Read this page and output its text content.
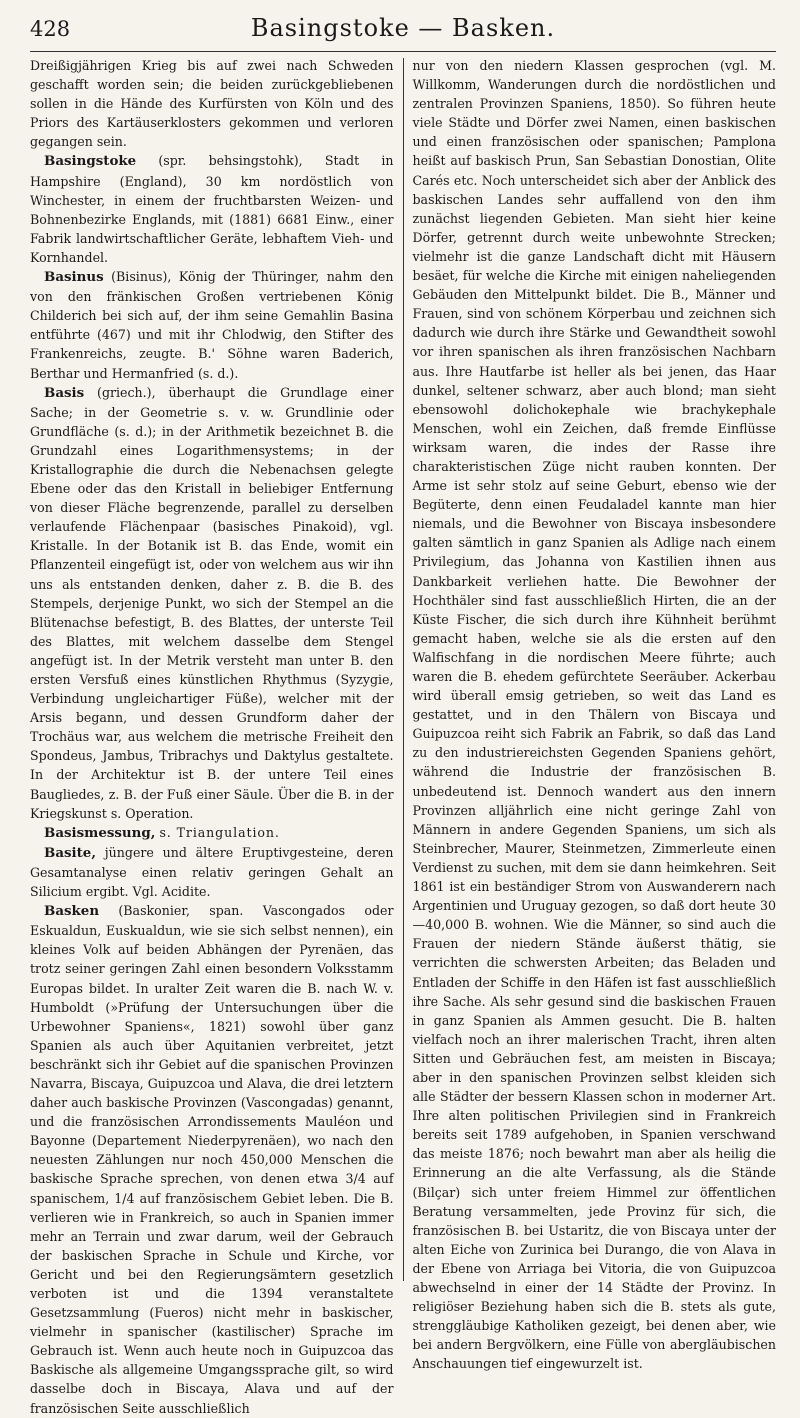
428	Basingstoke — Basken.

Dreißigjährigen Krieg bis auf zwei nach Schweden geschafft worden sein; die beiden zurückgebliebenen sollen in die Hände des Kurfürsten von Köln und des Priors des Kartäuserklosters gekommen und verloren gegangen sein.

Basingstoke (spr. behsingstohk), Stadt in Hampshire (England), 30 km nordöstlich von Winchester, in einem der fruchtbarsten Weizen- und Bohnenbezirke Englands, mit (1881) 6681 Einw., einer Fabrik landwirtschaftlicher Geräte, lebhaftem Vieh- und Kornhandel.

Basinus (Bisinus), König der Thüringer, nahm den von den fränkischen Großen vertriebenen König Childerich bei sich auf, der ihm seine Gemahlin Basina entführte (467) und mit ihr Chlodwig, den Stifter des Frankenreichs, zeugte. B.' Söhne waren Baderich, Berthar und Hermanfried (s. d.).

Basis (griech.), überhaupt die Grundlage einer Sache; in der Geometrie s. v. w. Grundlinie oder Grundfläche (s. d.); in der Arithmetik bezeichnet B. die Grundzahl eines Logarithmensystems; in der Kristallographie die durch die Nebenachsen gelegte Ebene oder das den Kristall in beliebiger Entfernung von dieser Fläche begrenzende, parallel zu derselben verlaufende Flächenpaar (basisches Pinakoid), vgl. Kristalle. In der Botanik ist B. das Ende, womit ein Pflanzenteil eingefügt ist, oder von welchem aus wir ihn uns als entstanden denken, daher z. B. die B. des Stempels, derjenige Punkt, wo sich der Stempel an die Blütenachse befestigt, B. des Blattes, der unterste Teil des Blattes, mit welchem dasselbe dem Stengel angefügt ist. In der Metrik versteht man unter B. den ersten Versfuß eines künstlichen Rhythmus (Syzygie, Verbindung ungleichartiger Füße), welcher mit der Arsis begann, und dessen Grundform daher der Trochäus war, aus welchem die metrische Freiheit den Spondeus, Jambus, Tribrachys und Daktylus gestaltete. In der Architektur ist B. der untere Teil eines Baugliedes, z. B. der Fuß einer Säule. Über die B. in der Kriegskunst s. Operation.

Basismessung, s. Triangulation.

Basite, jüngere und ältere Eruptivgesteine, deren Gesamtanalyse einen relativ geringen Gehalt an Silicium ergibt. Vgl. Acidite.

Basken (Baskonier, span. Vascongados oder Eskualdun, Euskualdun, wie sie sich selbst nennen), ein kleines Volk auf beiden Abhängen der Pyrenäen, das trotz seiner geringen Zahl einen besondern Volksstamm Europas bildet. In uralter Zeit waren die B. nach W. v. Humboldt (»Prüfung der Untersuchungen über die Urbewohner Spaniens«, 1821) sowohl über ganz Spanien als auch über Aquitanien verbreitet, jetzt beschränkt sich ihr Gebiet auf die spanischen Provinzen Navarra, Biscaya, Guipuzcoa und Alava, die drei letztern daher auch baskische Provinzen (Vascongadas) genannt, und die französischen Arrondissements Mauléon und Bayonne (Departement Niederpyrenäen), wo nach den neuesten Zählungen nur noch 450,000 Menschen die baskische Sprache sprechen, von denen etwa 3/4 auf spanischem, 1/4 auf französischem Gebiet leben. Die B. verlieren wie in Frankreich, so auch in Spanien immer mehr an Terrain und zwar darum, weil der Gebrauch der baskischen Sprache in Schule und Kirche, vor Gericht und bei den Regierungsämtern gesetzlich verboten ist und die 1394 veranstaltete Gesetzsammlung (Fueros) nicht mehr in baskischer, vielmehr in spanischer (kastilischer) Sprache im Gebrauch ist. Wenn auch heute noch in Guipuzcoa das Baskische als allgemeine Umgangssprache gilt, so wird dasselbe doch in Biscaya, Alava und auf der französischen Seite ausschließlich

nur von den niedern Klassen gesprochen (vgl. M. Willkomm, Wanderungen durch die nordöstlichen und zentralen Provinzen Spaniens, 1850). So führen heute viele Städte und Dörfer zwei Namen, einen baskischen und einen französischen oder spanischen; Pamplona heißt auf baskisch Prun, San Sebastian Donostian, Olite Carés etc. Noch unterscheidet sich aber der Anblick des baskischen Landes sehr auffallend von den ihm zunächst liegenden Gebieten. Man sieht hier keine Dörfer, getrennt durch weite unbewohnte Strecken; vielmehr ist die ganze Landschaft dicht mit Häusern besäet, für welche die Kirche mit einigen naheliegenden Gebäuden den Mittelpunkt bildet. Die B., Männer und Frauen, sind von schönem Körperbau und zeichnen sich dadurch wie durch ihre Stärke und Gewandtheit sowohl vor ihren spanischen als ihren französischen Nachbarn aus. Ihre Hautfarbe ist heller als bei jenen, das Haar dunkel, seltener schwarz, aber auch blond; man sieht ebensowohl dolichokephale wie brachykephale Menschen, wohl ein Zeichen, daß fremde Einflüsse wirksam waren, die indes der Rasse ihre charakteristischen Züge nicht rauben konnten. Der Arme ist sehr stolz auf seine Geburt, ebenso wie der Begüterte, denn einen Feudaladel kannte man hier niemals, und die Bewohner von Biscaya insbesondere galten sämtlich in ganz Spanien als Adlige nach einem Privilegium, das Johanna von Kastilien ihnen aus Dankbarkeit verliehen hatte. Die Bewohner der Hochthäler sind fast ausschließlich Hirten, die an der Küste Fischer, die sich durch ihre Kühnheit berühmt gemacht haben, welche sie als die ersten auf den Walfischfang in die nordischen Meere führte; auch waren die B. ehedem gefürchtete Seeräuber. Ackerbau wird überall emsig getrieben, so weit das Land es gestattet, und in den Thälern von Biscaya und Guipuzcoa reiht sich Fabrik an Fabrik, so daß das Land zu den industriereichsten Gegenden Spaniens gehört, während die Industrie der französischen B. unbedeutend ist. Dennoch wandert aus den innern Provinzen alljährlich eine nicht geringe Zahl von Männern in andere Gegenden Spaniens, um sich als Steinbrecher, Maurer, Steinmetzen, Zimmerleute einen Verdienst zu suchen, mit dem sie dann heimkehren. Seit 1861 ist ein beständiger Strom von Auswanderern nach Argentinien und Uruguay gezogen, so daß dort heute 30—40,000 B. wohnen. Wie die Männer, so sind auch die Frauen der niedern Stände äußerst thätig, sie verrichten die schwersten Arbeiten; das Beladen und Entladen der Schiffe in den Häfen ist fast ausschließlich ihre Sache. Als sehr gesund sind die baskischen Frauen in ganz Spanien als Ammen gesucht. Die B. halten vielfach noch an ihrer malerischen Tracht, ihren alten Sitten und Gebräuchen fest, am meisten in Biscaya; aber in den spanischen Provinzen selbst kleiden sich alle Städter der bessern Klassen schon in moderner Art. Ihre alten politischen Privilegien sind in Frankreich bereits seit 1789 aufgehoben, in Spanien verschwand das meiste 1876; noch bewahrt man aber als heilig die Erinnerung an die alte Verfassung, als die Stände (Bilçar) sich unter freiem Himmel zur öffentlichen Beratung versammelten, jede Provinz für sich, die französischen B. bei Ustaritz, die von Biscaya unter der alten Eiche von Zurinica bei Durango, die von Alava in der Ebene von Arriaga bei Vitoria, die von Guipuzcoa abwechselnd in einer der 14 Städte der Provinz. In religiöser Beziehung haben sich die B. stets als gute, strenggläubige Katholiken gezeigt, bei denen aber, wie bei andern Bergvölkern, eine Fülle von abergläubischen Anschauungen tief eingewurzelt ist.
